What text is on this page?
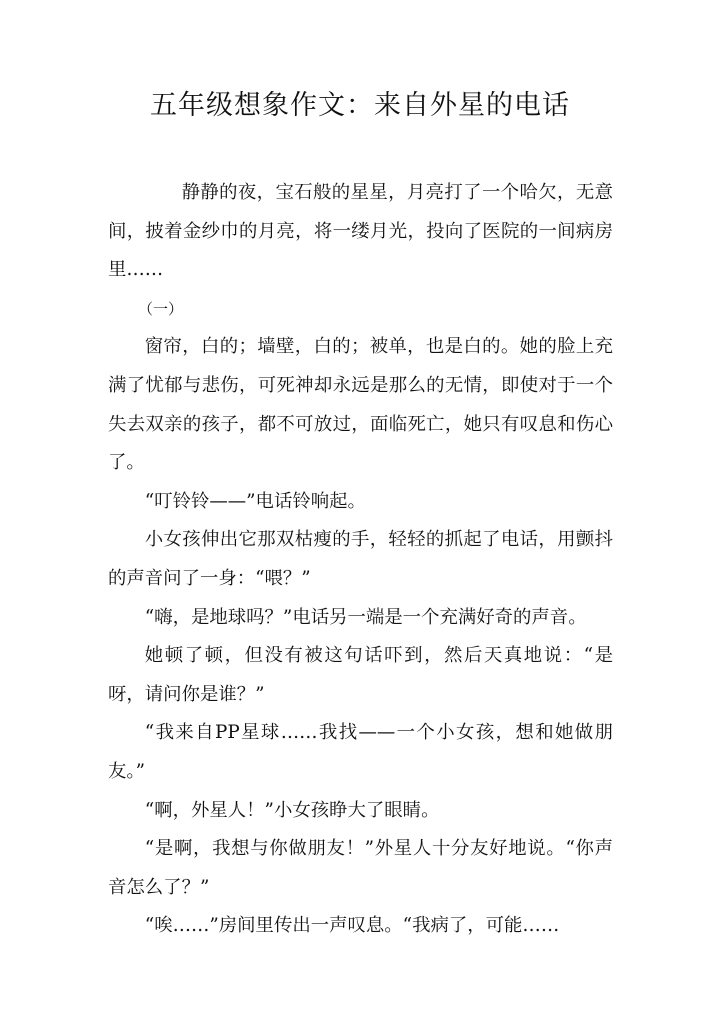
五年级想象作文：来自外星的电话

静静的夜，宝石般的星星，月亮打了一个哈欠，无意间，披着金纱巾的月亮，将一缕月光，投向了医院的一间病房里……

（一）

窗帘，白的；墙壁，白的；被单，也是白的。她的脸上充满了忧郁与悲伤，可死神却永远是那么的无情，即使对于一个失去双亲的孩子，都不可放过，面临死亡，她只有叹息和伤心了。

“叮铃铃——”电话铃响起。

小女孩伸出它那双枯瘦的手，轻轻的抓起了电话，用颤抖的声音问了一身：“喂？”

“嗨，是地球吗？”电话另一端是一个充满好奇的声音。

她顿了顿，但没有被这句话吓到，然后天真地说：“是呀，请问你是谁？”

“我来自PP星球……我找——一个小女孩，想和她做朋友。”

“啊，外星人！”小女孩睁大了眼睛。

“是啊，我想与你做朋友！”外星人十分友好地说。“你声音怎么了？”

“唉……”房间里传出一声叹息。“我病了，可能……
